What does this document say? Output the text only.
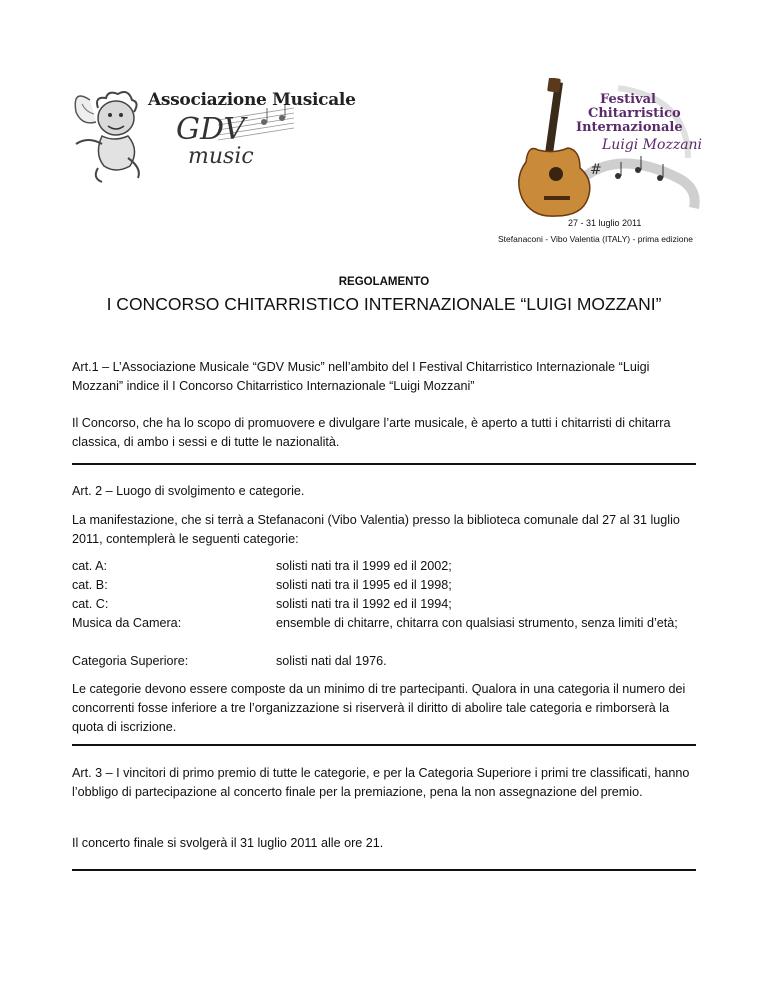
Associazione Musicale
GDV
music
#
Festival
Chitarristico
Internazionale
Luigi Mozzani
27 - 31 luglio 2011
Stefanaconi - Vibo Valentia (ITALY) - prima edizione
REGOLAMENTO
I CONCORSO CHITARRISTICO INTERNAZIONALE “LUIGI MOZZANI”

Art.1 – L’Associazione Musicale “GDV Music” nell’ambito del I Festival Chitarristico Internazionale “Luigi Mozzani” indice il I Concorso Chitarristico Internazionale “Luigi Mozzani”

Il Concorso, che ha lo scopo di promuovere e divulgare l’arte musicale, è aperto a tutti i chitarristi di chitarra classica, di ambo i sessi e di tutte le nazionalità.

Art. 2 – Luogo di svolgimento e categorie.

La manifestazione, che si terrà a Stefanaconi (Vibo Valentia) presso la biblioteca comunale dal 27 al 31 luglio 2011, contemplerà le seguenti categorie:

cat. A:	solisti nati tra il 1999 ed il 2002;
cat. B:	solisti nati tra il 1995 ed il 1998;
cat. C:	solisti nati tra il 1992 ed il 1994;
Musica da Camera:	ensemble di chitarre, chitarra con qualsiasi strumento, senza limiti d’età;
Categoria Superiore:	solisti nati dal 1976.

Le categorie devono essere composte da un minimo di tre partecipanti. Qualora in una categoria il numero dei concorrenti fosse inferiore a tre l’organizzazione si riserverà il diritto di abolire tale categoria e rimborserà la quota di iscrizione.

Art. 3 – I vincitori di primo premio di tutte le categorie, e per la Categoria Superiore i primi tre classificati, hanno l’obbligo di partecipazione al concerto finale per la premiazione, pena la non assegnazione del premio.

Il concerto finale si svolgerà il 31 luglio 2011 alle ore 21.
